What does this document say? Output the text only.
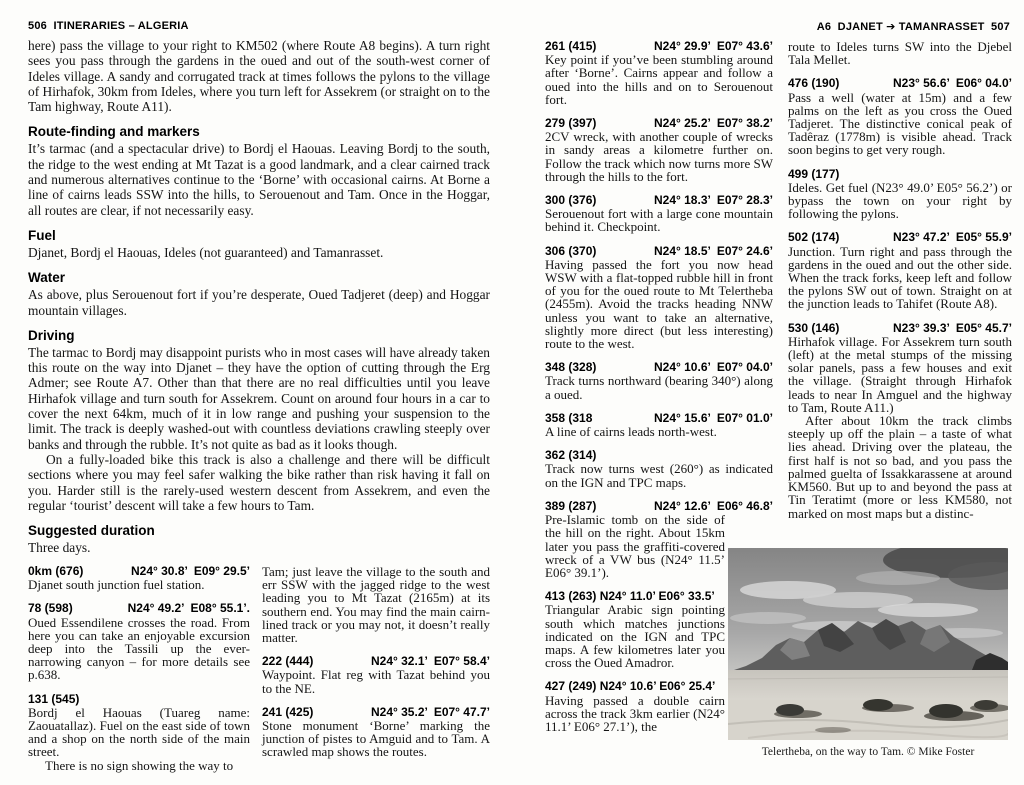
506  ITINERARIES – ALGERIA	A6  DJANET ➔ TAMANRASSET  507

here) pass the village to your right to KM502 (where Route A8 begins). A turn right sees you pass through the gardens in the oued and out of the south-west corner of Ideles village. A sandy and corrugated track at times follows the pylons to the village of Hirhafok, 30km from Ideles, where you turn left for Assekrem (or straight on to the Tam highway, Route A11).

Route-finding and markers

It’s tarmac (and a spectacular drive) to Bordj el Haouas. Leaving Bordj to the south, the ridge to the west ending at Mt Tazat is a good landmark, and a clear cairned track and numerous alternatives continue to the ‘Borne’ with occasional cairns. At Borne a line of cairns leads SSW into the hills, to Serouenout and Tam. Once in the Hoggar, all routes are clear, if not necessarily easy.

Fuel

Djanet, Bordj el Haouas, Ideles (not guaranteed) and Tamanrasset.

Water

As above, plus Serouenout fort if you’re desperate, Oued Tadjeret (deep) and Hoggar mountain villages.

Driving

The tarmac to Bordj may disappoint purists who in most cases will have already taken this route on the way into Djanet – they have the option of cutting through the Erg Admer; see Route A7. Other than that there are no real difficulties until you leave Hirhafok village and turn south for Assekrem. Count on around four hours in a car to cover the next 64km, much of it in low range and pushing your suspension to the limit. The track is deeply washed-out with countless deviations crawling steeply over banks and through the rubble. It’s not quite as bad as it looks though.

On a fully-loaded bike this track is also a challenge and there will be difficult sections where you may feel safer walking the bike rather than risk having it fall on you. Harder still is the rarely-used western descent from Assekrem, and even the regular ‘tourist’ descent will take a few hours to Tam.

Suggested duration

Three days.

0km (676)	N24° 30.8’  E09° 29.5’

Djanet south junction fuel station.

78 (598)	N24° 49.2’  E08° 55.1’.

Oued Essendilene crosses the road. From here you can take an enjoyable excursion deep into the Tassili up the ever-narrowing canyon – for more details see p.638.

131 (545)

Bordj el Haouas (Tuareg name: Zaouatallaz). Fuel on the east side of town and a shop on the north side of the main street.

There is no sign showing the way to

Tam; just leave the village to the south and err SSW with the jagged ridge to the west leading you to Mt Tazat (2165m) at its southern end. You may find the main cairn-lined track or you may not, it doesn’t really matter.

222 (444)	N24° 32.1’  E07° 58.4’

Waypoint. Flat reg with Tazat behind you to the NE.

241 (425)	N24° 35.2’  E07° 47.7’

Stone monument ‘Borne’ marking the junction of pistes to Amguid and to Tam. A scrawled map shows the routes.

261 (415)	N24° 29.9’  E07° 43.6’

Key point if you’ve been stumbling around after ‘Borne’. Cairns appear and follow a oued into the hills and on to Serouenout fort.

279 (397)	N24° 25.2’  E07° 38.2’

2CV wreck, with another couple of wrecks in sandy areas a kilometre further on. Follow the track which now turns more SW through the hills to the fort.

300 (376)	N24° 18.3’  E07° 28.3’

Serouenout fort with a large cone mountain behind it. Checkpoint.

306 (370)	N24° 18.5’  E07° 24.6’

Having passed the fort you now head WSW with a flat-topped rubble hill in front of you for the oued route to Mt Telertheba (2455m). Avoid the tracks heading NNW unless you want to take an alternative, slightly more direct (but less interesting) route to the west.

348 (328)	N24° 10.6’  E07° 04.0’

Track turns northward (bearing 340°) along a oued.

358 (318	N24° 15.6’  E07° 01.0’

A line of cairns leads north-west.

362 (314)

Track now turns west (260°) as indicated on the IGN and TPC maps.

389 (287)	N24° 12.6’  E06° 46.8’

Pre-Islamic tomb on the side of the hill on the right. About 15km later you pass the graffiti-covered wreck of a VW bus (N24° 11.5’ E06° 39.1’).

413 (263) N24° 11.0’ E06° 33.5’

Triangular Arabic sign pointing south which matches junctions indicated on the IGN and TPC maps. A few kilometres later you cross the Oued Amadror.

427 (249) N24° 10.6’ E06° 25.4’

Having passed a double cairn across the track 3km earlier (N24° 11.1’ E06° 27.1’), the

route to Ideles turns SW into the Djebel Tala Mellet.

476 (190)	N23° 56.6’  E06° 04.0’

Pass a well (water at 15m) and a few palms on the left as you cross the Oued Tadjeret. The distinctive conical peak of Tadêraz (1778m) is visible ahead. Track soon begins to get very rough.

499 (177)

Ideles. Get fuel (N23° 49.0’ E05° 56.2’) or bypass the town on your right by following the pylons.

502 (174)	N23° 47.2’  E05° 55.9’

Junction. Turn right and pass through the gardens in the oued and out the other side. When the track forks, keep left and follow the pylons SW out of town. Straight on at the junction leads to Tahifet (Route A8).

530 (146)	N23° 39.3’  E05° 45.7’

Hirhafok village. For Assekrem turn south (left) at the metal stumps of the missing solar panels, pass a few houses and exit the village. (Straight through Hirhafok leads to near In Amguel and the highway to Tam, Route A11.)

After about 10km the track climbs steeply up off the plain – a taste of what lies ahead. Driving over the plateau, the first half is not so bad, and you pass the palmed guelta of Issakkarassene at around KM560. But up to and beyond the pass at Tin Teratimt (more or less KM580, not marked on most maps but a distinc-

Telertheba, on the way to Tam. © Mike Foster
